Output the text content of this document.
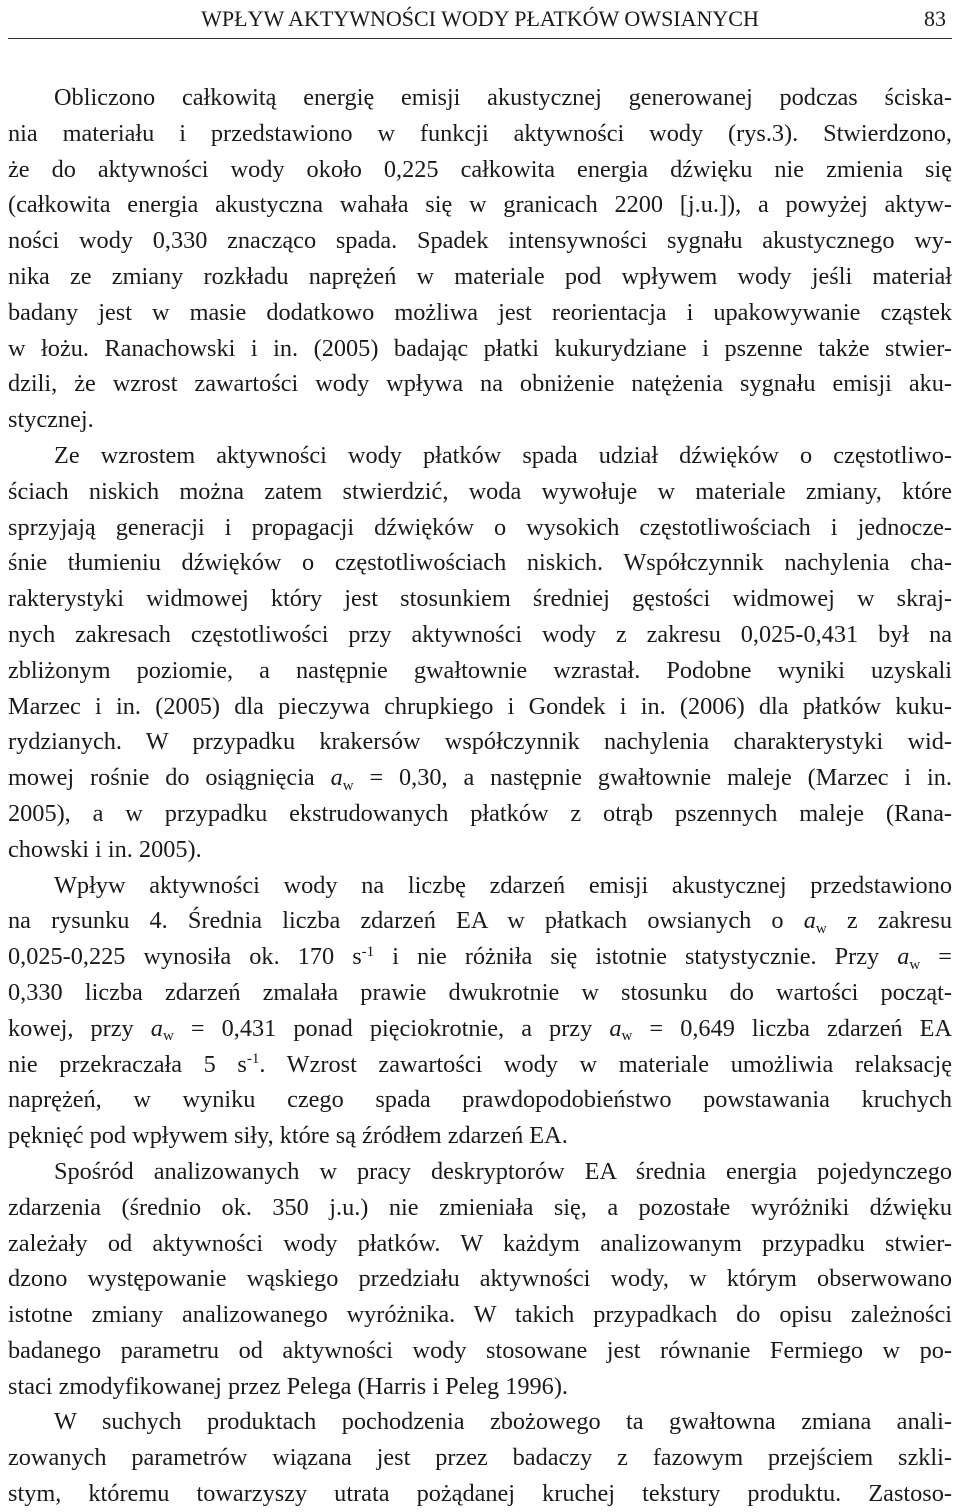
WPŁYW AKTYWNOŚCI WODY PŁATKÓW OWSIANYCH	83
Obliczono całkowitą energię emisji akustycznej generowanej podczas ściska-
nia materiału i przedstawiono w funkcji aktywności wody (rys.3). Stwierdzono,
że do aktywności wody około 0,225 całkowita energia dźwięku nie zmienia się
(całkowita energia akustyczna wahała się w granicach 2200 [j.u.]), a powyżej aktyw-
ności wody 0,330 znacząco spada. Spadek intensywności sygnału akustycznego wy-
nika ze zmiany rozkładu naprężeń w materiale pod wpływem wody jeśli materiał
badany jest w masie dodatkowo możliwa jest reorientacja i upakowywanie cząstek
w łożu. Ranachowski i in. (2005) badając płatki kukurydziane i pszenne także stwier-
dzili, że wzrost zawartości wody wpływa na obniżenie natężenia sygnału emisji aku-
stycznej.
Ze wzrostem aktywności wody płatków spada udział dźwięków o częstotliwo-
ściach niskich można zatem stwierdzić, woda wywołuje w materiale zmiany, które
sprzyjają generacji i propagacji dźwięków o wysokich częstotliwościach i jednocze-
śnie tłumieniu dźwięków o częstotliwościach niskich. Współczynnik nachylenia cha-
rakterystyki widmowej który jest stosunkiem średniej gęstości widmowej w skraj-
nych zakresach częstotliwości przy aktywności wody z zakresu 0,025-0,431 był na
zbliżonym poziomie, a następnie gwałtownie wzrastał. Podobne wyniki uzyskali
Marzec i in. (2005) dla pieczywa chrupkiego i Gondek i in. (2006) dla płatków kuku-
rydzianych. W przypadku krakersów współczynnik nachylenia charakterystyki wid-
mowej rośnie do osiągnięcia $a_w = 0,30$, a następnie gwałtownie maleje (Marzec i in.
2005), a w przypadku ekstrudowanych płatków z otrąb pszennych maleje (Rana-
chowski i in. 2005).
Wpływ aktywności wody na liczbę zdarzeń emisji akustycznej przedstawiono
na rysunku 4. Średnia liczba zdarzeń EA w płatkach owsianych o $a_w$ z zakresu
0,025-0,225 wynosiła ok. 170 $s^{-1}$ i nie różniła się istotnie statystycznie. Przy $a_w$ =
0,330 liczba zdarzeń zmalała prawie dwukrotnie w stosunku do wartości począt-
kowej, przy $a_w = 0,431$ ponad pięciokrotnie, a przy $a_w = 0,649$ liczba zdarzeń EA
nie przekraczała 5 $s^{-1}$. Wzrost zawartości wody w materiale umożliwia relaksację
naprężeń, w wyniku czego spada prawdopodobieństwo powstawania kruchych
pęknięć pod wpływem siły, które są źródłem zdarzeń EA.
Spośród analizowanych w pracy deskryptorów EA średnia energia pojedynczego
zdarzenia (średnio ok. 350 j.u.) nie zmieniała się, a pozostałe wyróżniki dźwięku
zależały od aktywności wody płatków. W każdym analizowanym przypadku stwier-
dzono występowanie wąskiego przedziału aktywności wody, w którym obserwowano
istotne zmiany analizowanego wyróżnika. W takich przypadkach do opisu zależności
badanego parametru od aktywności wody stosowane jest równanie Fermiego w po-
staci zmodyfikowanej przez Pelega (Harris i Peleg 1996).
W suchych produktach pochodzenia zbożowego ta gwałtowna zmiana anali-
zowanych parametrów wiązana jest przez badaczy z fazowym przejściem szkli-
stym, któremu towarzyszy utrata pożądanej kruchej tekstury produktu. Zastoso-
